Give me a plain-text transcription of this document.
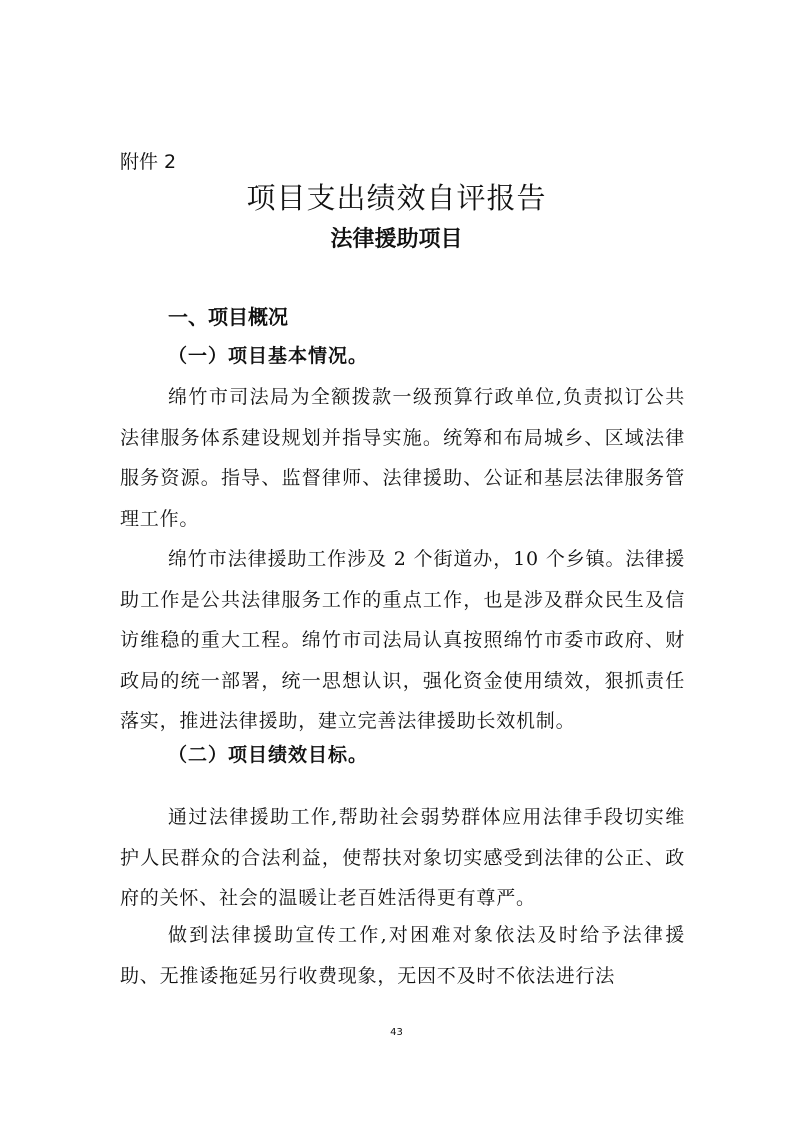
附件 2
项目支出绩效自评报告
法律援助项目
一、项目概况
（一）项目基本情况。
绵竹市司法局为全额拨款一级预算行政单位,负责拟订公共法律服务体系建设规划并指导实施。统筹和布局城乡、区域法律服务资源。指导、监督律师、法律援助、公证和基层法律服务管理工作。
绵竹市法律援助工作涉及 2 个街道办，10 个乡镇。法律援助工作是公共法律服务工作的重点工作，也是涉及群众民生及信访维稳的重大工程。绵竹市司法局认真按照绵竹市委市政府、财政局的统一部署，统一思想认识，强化资金使用绩效，狠抓责任落实，推进法律援助，建立完善法律援助长效机制。
（二）项目绩效目标。
通过法律援助工作,帮助社会弱势群体应用法律手段切实维护人民群众的合法利益，使帮扶对象切实感受到法律的公正、政府的关怀、社会的温暖让老百姓活得更有尊严。
做到法律援助宣传工作,对困难对象依法及时给予法律援助、无推诿拖延另行收费现象，无因不及时不依法进行法
43
